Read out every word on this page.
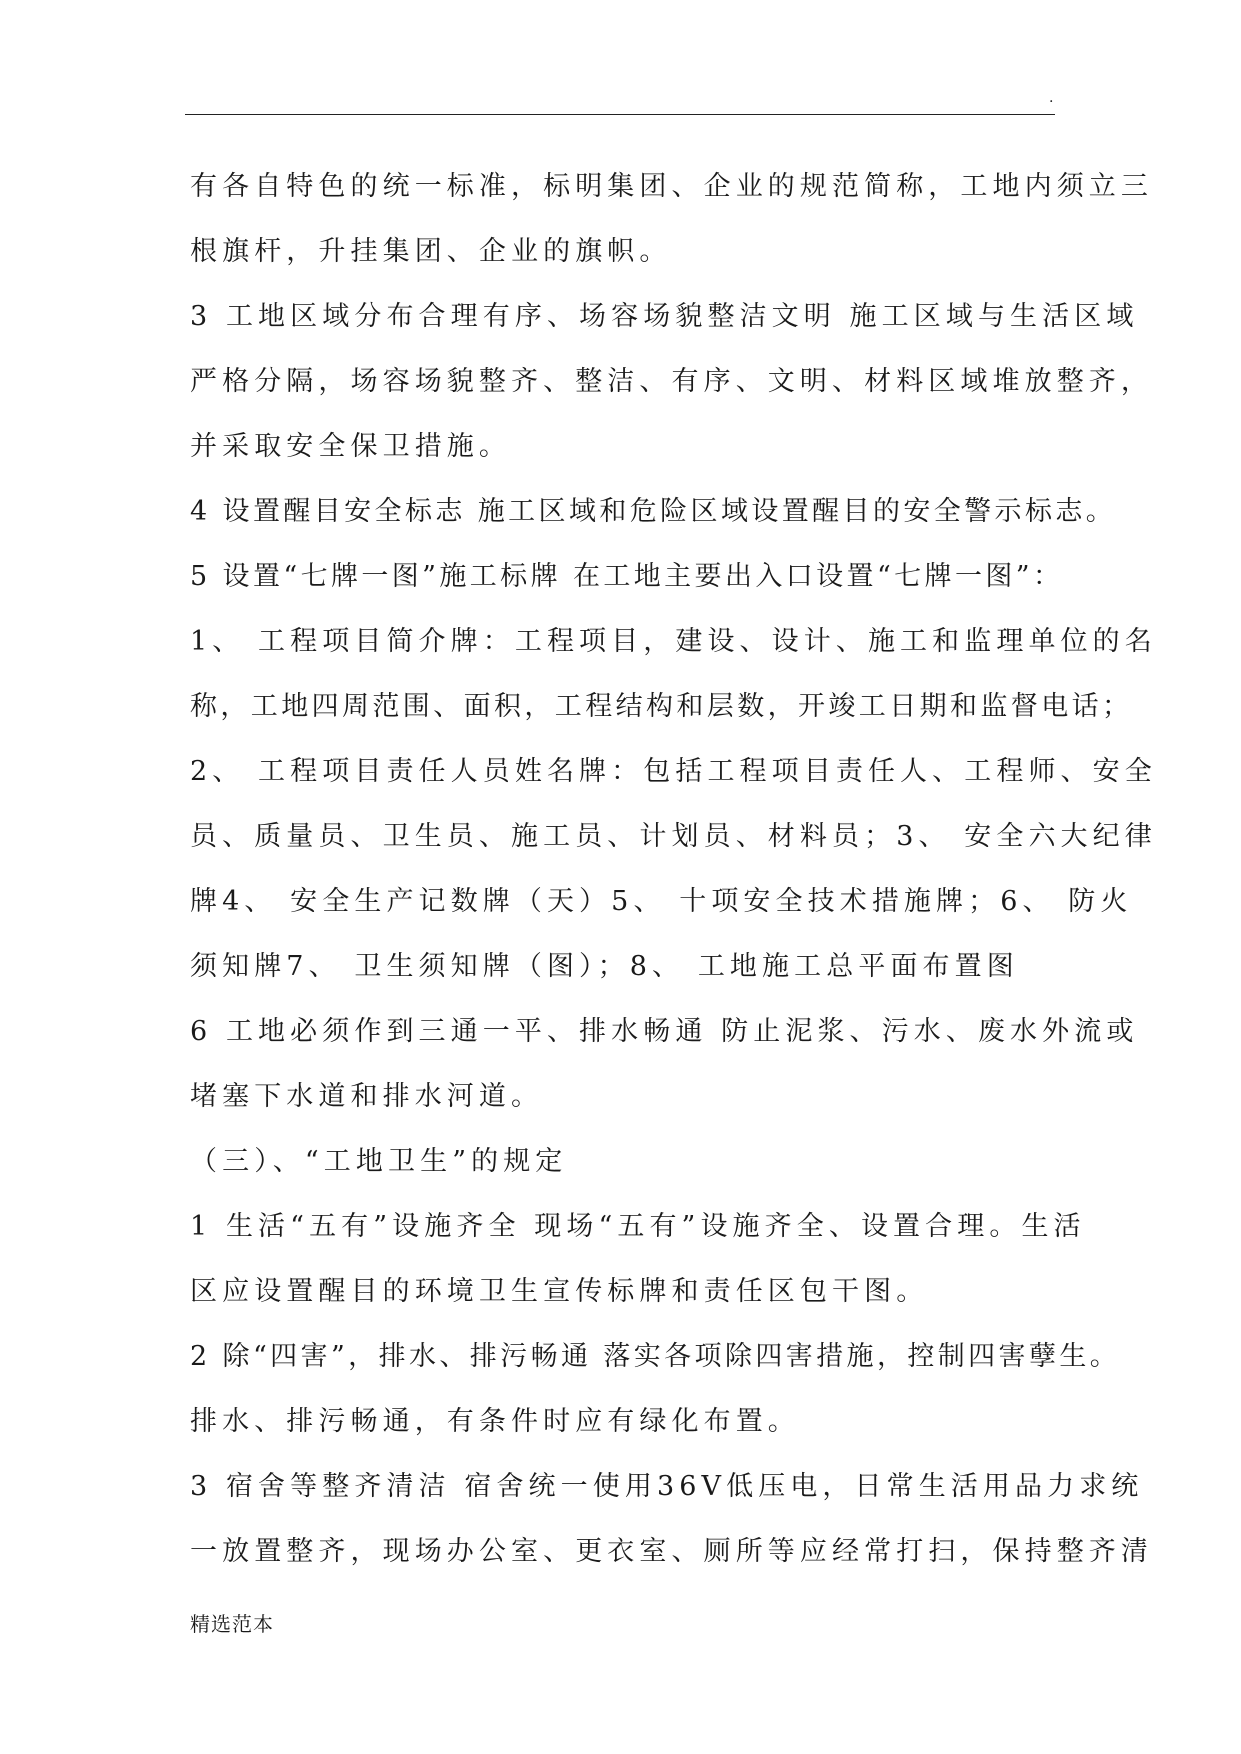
.
有各自特色的统一标准，标明集团、企业的规范简称，工地内须立三
根旗杆，升挂集团、企业的旗帜。
3 工地区域分布合理有序、场容场貌整洁文明 施工区域与生活区域
严格分隔，场容场貌整齐、整洁、有序、文明、材料区域堆放整齐，
并采取安全保卫措施。
4 设置醒目安全标志 施工区域和危险区域设置醒目的安全警示标志。
5 设置“七牌一图”施工标牌 在工地主要出入口设置“七牌一图”：
1、 工程项目简介牌：工程项目，建设、设计、施工和监理单位的名
称，工地四周范围、面积，工程结构和层数，开竣工日期和监督电话；
2、 工程项目责任人员姓名牌：包括工程项目责任人、工程师、安全
员、质量员、卫生员、施工员、计划员、材料员；3、 安全六大纪律
牌4、 安全生产记数牌（天）5、 十项安全技术措施牌；6、 防火
须知牌7、 卫生须知牌（图）；8、 工地施工总平面布置图
6 工地必须作到三通一平、排水畅通 防止泥浆、污水、废水外流或
堵塞下水道和排水河道。
（三）、“工地卫生”的规定
1 生活“五有”设施齐全 现场“五有”设施齐全、设置合理。生活
区应设置醒目的环境卫生宣传标牌和责任区包干图。
2 除“四害”，排水、排污畅通 落实各项除四害措施，控制四害孽生。
排水、排污畅通，有条件时应有绿化布置。
3 宿舍等整齐清洁 宿舍统一使用36V低压电，日常生活用品力求统
一放置整齐，现场办公室、更衣室、厕所等应经常打扫，保持整齐清
精选范本
